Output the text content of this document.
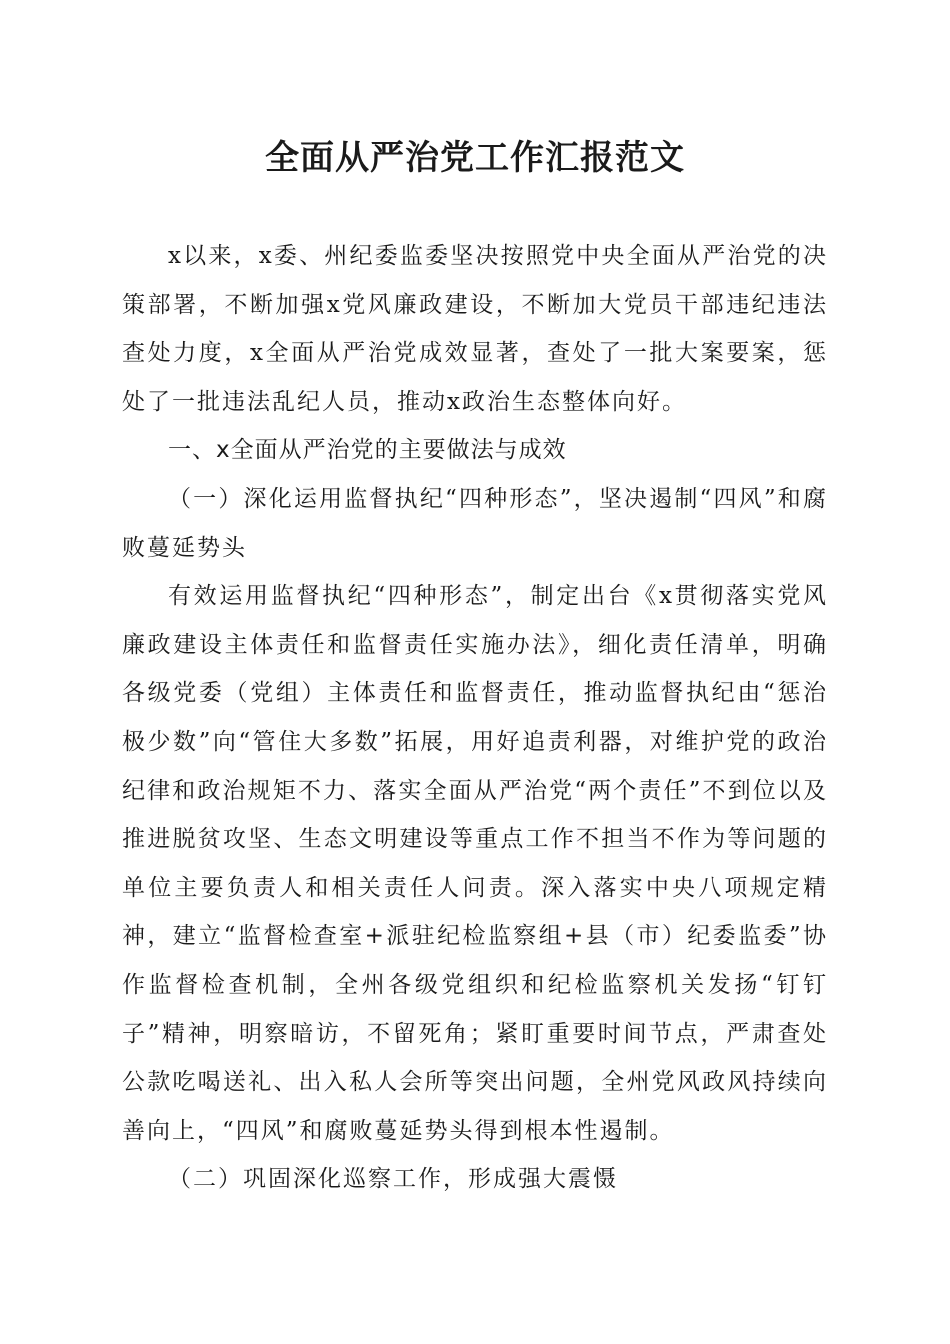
全面从严治党工作汇报范文

x以来，x委、州纪委监委坚决按照党中央全面从严治党的决策部署，不断加强x党风廉政建设，不断加大党员干部违纪违法查处力度，x全面从严治党成效显著，查处了一批大案要案，惩处了一批违法乱纪人员，推动x政治生态整体向好。

一、x全面从严治党的主要做法与成效

（一）深化运用监督执纪“四种形态”，坚决遏制“四风”和腐败蔓延势头

有效运用监督执纪“四种形态”，制定出台《x贯彻落实党风廉政建设主体责任和监督责任实施办法》，细化责任清单，明确各级党委（党组）主体责任和监督责任，推动监督执纪由“惩治极少数”向“管住大多数”拓展，用好追责利器，对维护党的政治纪律和政治规矩不力、落实全面从严治党“两个责任”不到位以及推进脱贫攻坚、生态文明建设等重点工作不担当不作为等问题的单位主要负责人和相关责任人问责。深入落实中央八项规定精神，建立“监督检查室+派驻纪检监察组+县（市）纪委监委”协作监督检查机制，全州各级党组织和纪检监察机关发扬“钉钉子”精神，明察暗访，不留死角；紧盯重要时间节点，严肃查处公款吃喝送礼、出入私人会所等突出问题，全州党风政风持续向善向上，“四风”和腐败蔓延势头得到根本性遏制。

（二）巩固深化巡察工作，形成强大震慑
